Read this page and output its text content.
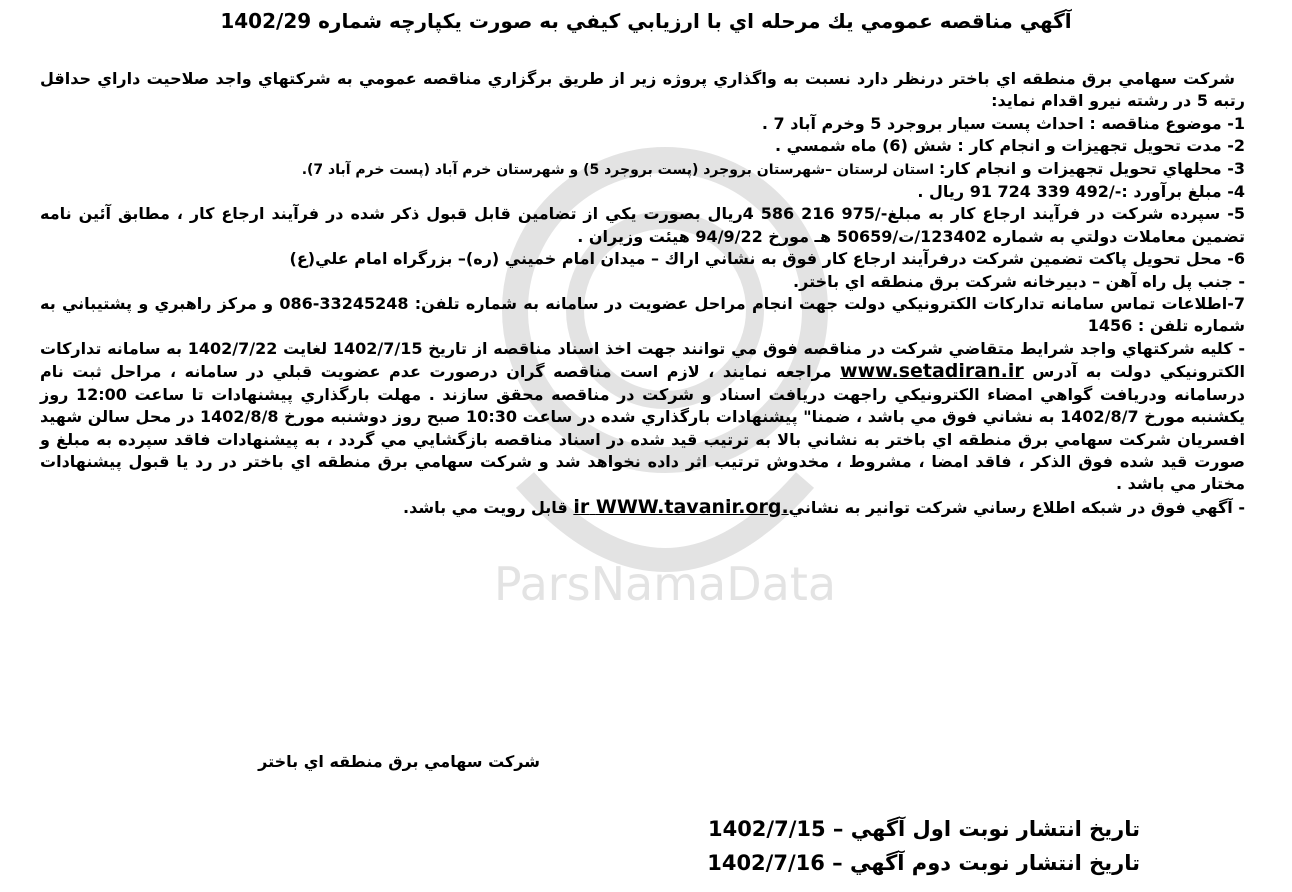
ParsNamaData
آگهي مناقصه عمومي يك مرحله اي با ارزيابي كيفي به صورت يكپارچه شماره 1402/29

شركت سهامي برق منطقه اي باختر درنظر دارد نسبت به واگذاري پروژه زير از طريق برگزاري مناقصه عمومي به شركتهاي واجد صلاحيت داراي حداقل رتبه 5 در رشته نيرو اقدام نمايد:

1- موضوع مناقصه : احداث پست سيار بروجرد 5 وخرم آباد 7 .

2- مدت تحويل تجهيزات و انجام كار : شش (6) ماه شمسي .

3- محلهاي تحويل تجهيزات و انجام كار: استان لرستان –شهرستان بروجرد (پست بروجرد 5) و شهرستان خرم آباد (پست خرم آباد 7).

4- مبلغ برآورد :-/492 339 724 91 ريال .

5- سپرده شركت در فرآيند ارجاع كار به مبلغ-/975 216 586 4ريال بصورت يكي از تضامين قابل قبول ذكر شده در فرآيند ارجاع كار ، مطابق آئين نامه تضمين معاملات دولتي به شماره 123402/ت/50659 هـ مورخ 94/9/22 هيئت وزيران .

6- محل تحويل پاكت تضمين شركت درفرآيند ارجاع كار فوق به نشاني اراك – ميدان امام خميني (ره)– بزرگراه امام علي(ع)

- جنب پل راه آهن – دبيرخانه شركت برق منطقه اي باختر.

7-اطلاعات تماس سامانه تداركات الكترونيكي دولت جهت انجام مراحل عضويت در سامانه به شماره تلفن: 33245248-086 و مركز راهبري و پشتيباني به شماره تلفن : 1456

- كليه شركتهاي واجد شرايط متقاضي شركت در مناقصه فوق مي توانند جهت اخذ اسناد مناقصه از تاريخ 1402/7/15 لغايت 1402/7/22 به سامانه تداركات الكترونيكي دولت به آدرس www.setadiran.ir مراجعه نمايند ، لازم است مناقصه گران درصورت عدم عضويت قبلي در سامانه ، مراحل ثبت نام درسامانه ودريافت گواهي امضاء الكترونيكي راجهت دريافت اسناد و شركت در مناقصه محقق سازند . مهلت بارگذاري پيشنهادات تا ساعت 12:00 روز يكشنبه مورخ 1402/8/7 به نشاني فوق مي باشد ، ضمنا" پيشنهادات بارگذاري شده در ساعت 10:30 صبح روز دوشنبه مورخ 1402/8/8 در محل سالن شهيد افسريان شركت سهامي برق منطقه اي باختر به نشاني بالا به ترتيب قيد شده در اسناد مناقصه بازگشايي مي گردد ، به پيشنهادات فاقد سپرده به مبلغ و صورت قيد شده فوق الذكر ، فاقد امضا ، مشروط ، مخدوش ترتيب اثر داده نخواهد شد و شركت سهامي برق منطقه اي باختر در رد يا قبول پيشنهادات مختار مي باشد .

- آگهي فوق در شبكه اطلاع رساني شركت توانير به نشاني.ir WWW.tavanir.org قابل رويت مي باشد.

شركت سهامي برق منطقه اي باختر
تاريخ انتشار نوبت اول آگهي – 1402/7/15
تاريخ انتشار نوبت دوم آگهي – 1402/7/16
